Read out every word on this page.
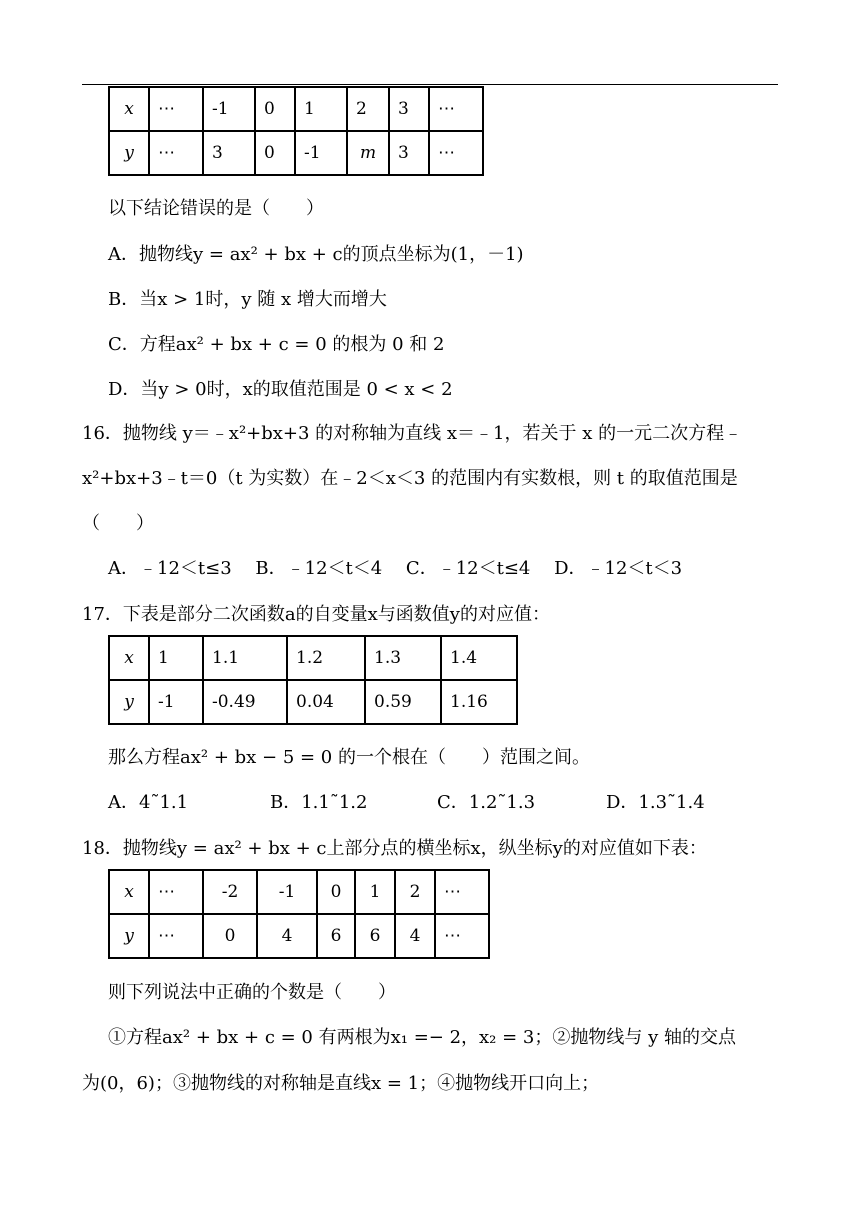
x	⋯	-1	0	1	2	3	⋯
y	⋯	3	0	-1	m	3	⋯
以下结论错误的是（　　）
A．抛物线y = ax² + bx + c的顶点坐标为(1，－1)
B．当x > 1时，y 随 x 增大而增大
C．方程ax² + bx + c = 0 的根为 0 和 2
D．当y > 0时，x的取值范围是 0 < x < 2
16．抛物线 y＝﹣x²+bx+3 的对称轴为直线 x＝﹣1，若关于 x 的一元二次方程﹣
x²+bx+3﹣t＝0（t 为实数）在﹣2＜x＜3 的范围内有实数根，则 t 的取值范围是
（　　）
A．﹣12＜t≤3　 B．﹣12＜t＜4　 C．﹣12＜t≤4　 D．﹣12＜t＜3
17．下表是部分二次函数a的自变量x与函数值y的对应值：
x	1	1.1	1.2	1.3	1.4
y	-1	-0.49	0.04	0.59	1.16
那么方程ax² + bx − 5 = 0 的一个根在（　　）范围之间。
A．4˜1.1	B．1.1˜1.2	C．1.2˜1.3	D．1.3˜1.4
18．抛物线y = ax² + bx + c上部分点的横坐标x，纵坐标y的对应值如下表：
x	⋯	-2	-1	0	1	2	⋯
y	⋯	0	4	6	6	4	⋯
则下列说法中正确的个数是（　　）
①方程ax² + bx + c = 0 有两根为x₁ =− 2，x₂ = 3；②抛物线与 y 轴的交点
为(0，6)；③抛物线的对称轴是直线x = 1；④抛物线开口向上；
